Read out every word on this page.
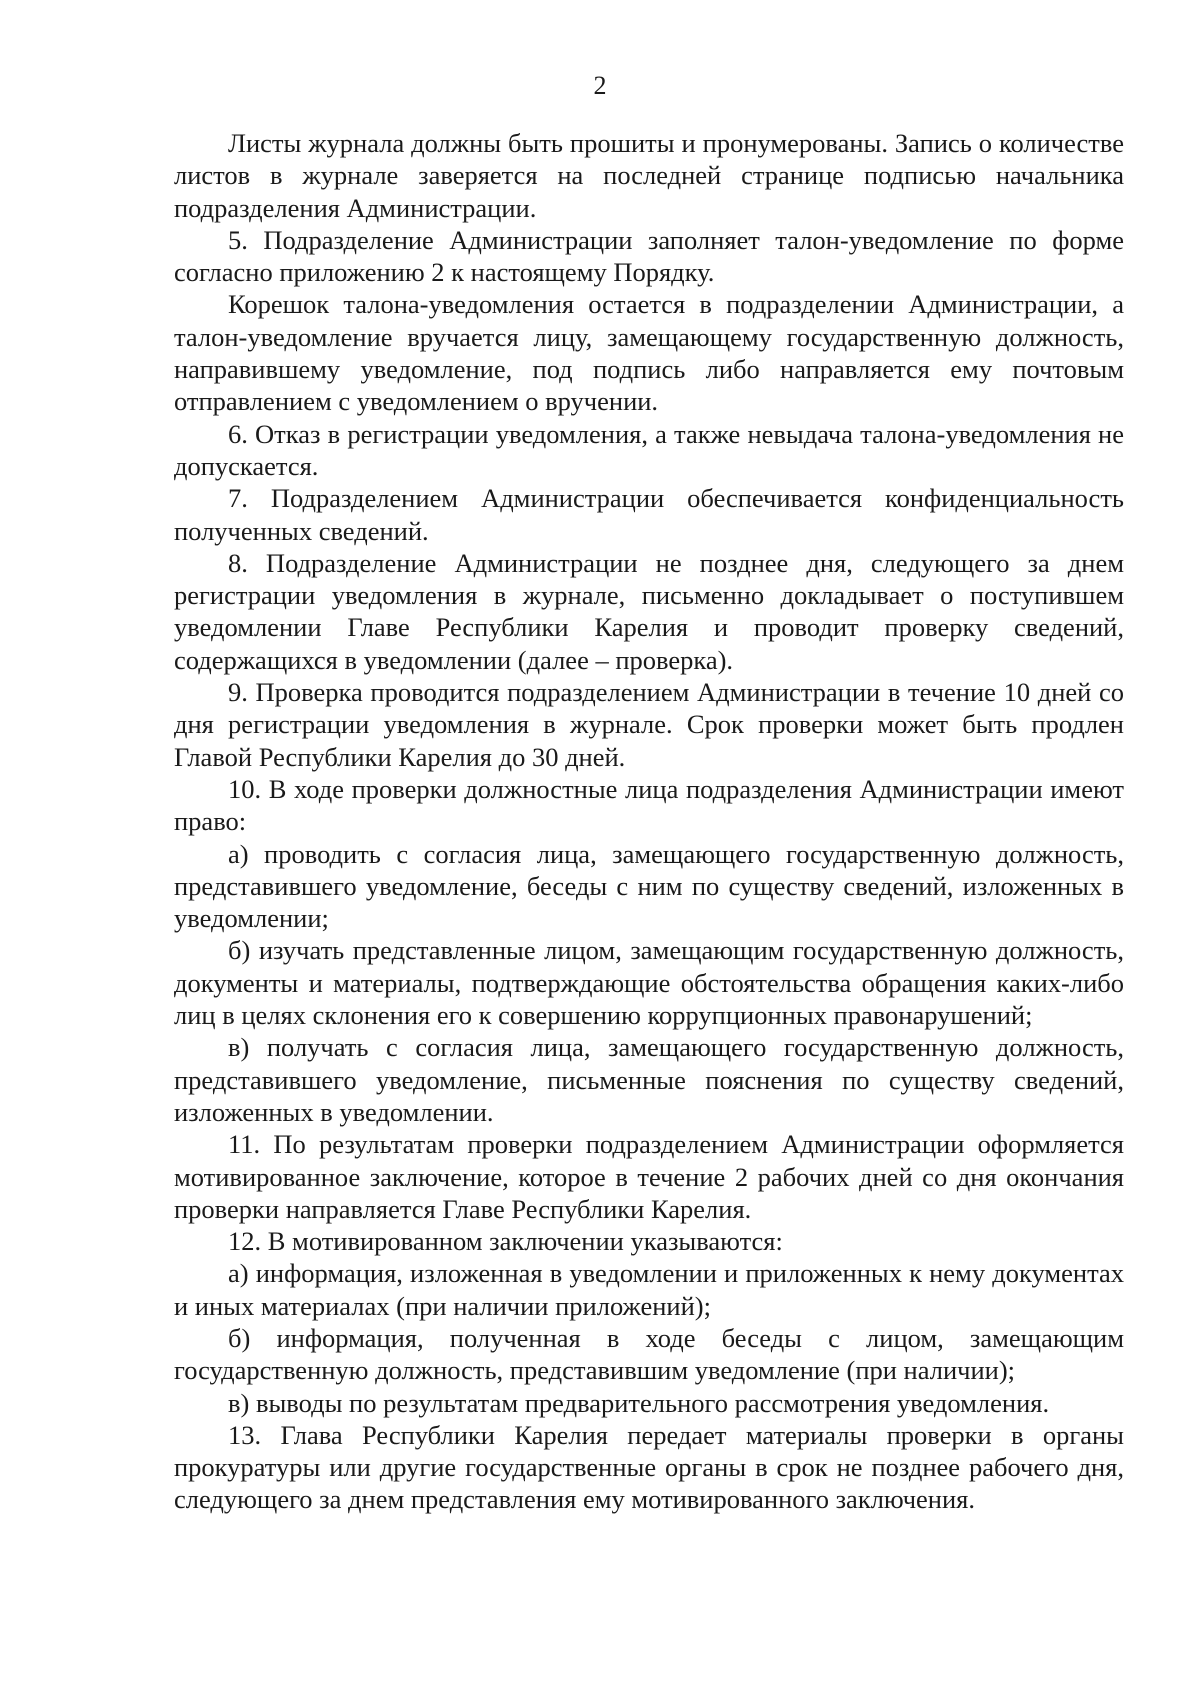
2

Листы журнала должны быть прошиты и пронумерованы. Запись о количестве листов в журнале заверяется на последней странице подписью начальника подразделения Администрации.

5. Подразделение Администрации заполняет талон-уведомление по форме согласно приложению 2 к настоящему Порядку.

Корешок талона-уведомления остается в подразделении Администрации, а талон-уведомление вручается лицу, замещающему государственную должность, направившему уведомление, под подпись либо направляется ему почтовым отправлением с уведомлением о вручении.

6. Отказ в регистрации уведомления, а также невыдача талона-уведомления не допускается.

7. Подразделением Администрации обеспечивается конфиденциальность полученных сведений.

8. Подразделение Администрации не позднее дня, следующего за днем регистрации уведомления в журнале, письменно докладывает о поступившем уведомлении Главе Республики Карелия и проводит проверку сведений, содержащихся в уведомлении (далее – проверка).

9. Проверка проводится подразделением Администрации в течение 10 дней со дня регистрации уведомления в журнале. Срок проверки может быть продлен Главой Республики Карелия до 30 дней.

10. В ходе проверки должностные лица подразделения Администрации имеют право:

а) проводить с согласия лица, замещающего государственную должность, представившего уведомление, беседы с ним по существу сведений, изложенных в уведомлении;

б) изучать представленные лицом, замещающим государственную должность, документы и материалы, подтверждающие обстоятельства обращения каких-либо лиц в целях склонения его к совершению коррупционных правонарушений;

в) получать с согласия лица, замещающего государственную должность, представившего уведомление, письменные пояснения по существу сведений, изложенных в уведомлении.

11. По результатам проверки подразделением Администрации оформляется мотивированное заключение, которое в течение 2 рабочих дней со дня окончания проверки направляется Главе Республики Карелия.

12. В мотивированном заключении указываются:

а) информация, изложенная в уведомлении и приложенных к нему документах и иных материалах (при наличии приложений);

б) информация, полученная в ходе беседы с лицом, замещающим государственную должность, представившим уведомление (при наличии);

в) выводы по результатам предварительного рассмотрения уведомления.

13. Глава Республики Карелия передает материалы проверки в органы прокуратуры или другие государственные органы в срок не позднее рабочего дня, следующего за днем представления ему мотивированного заключения.
